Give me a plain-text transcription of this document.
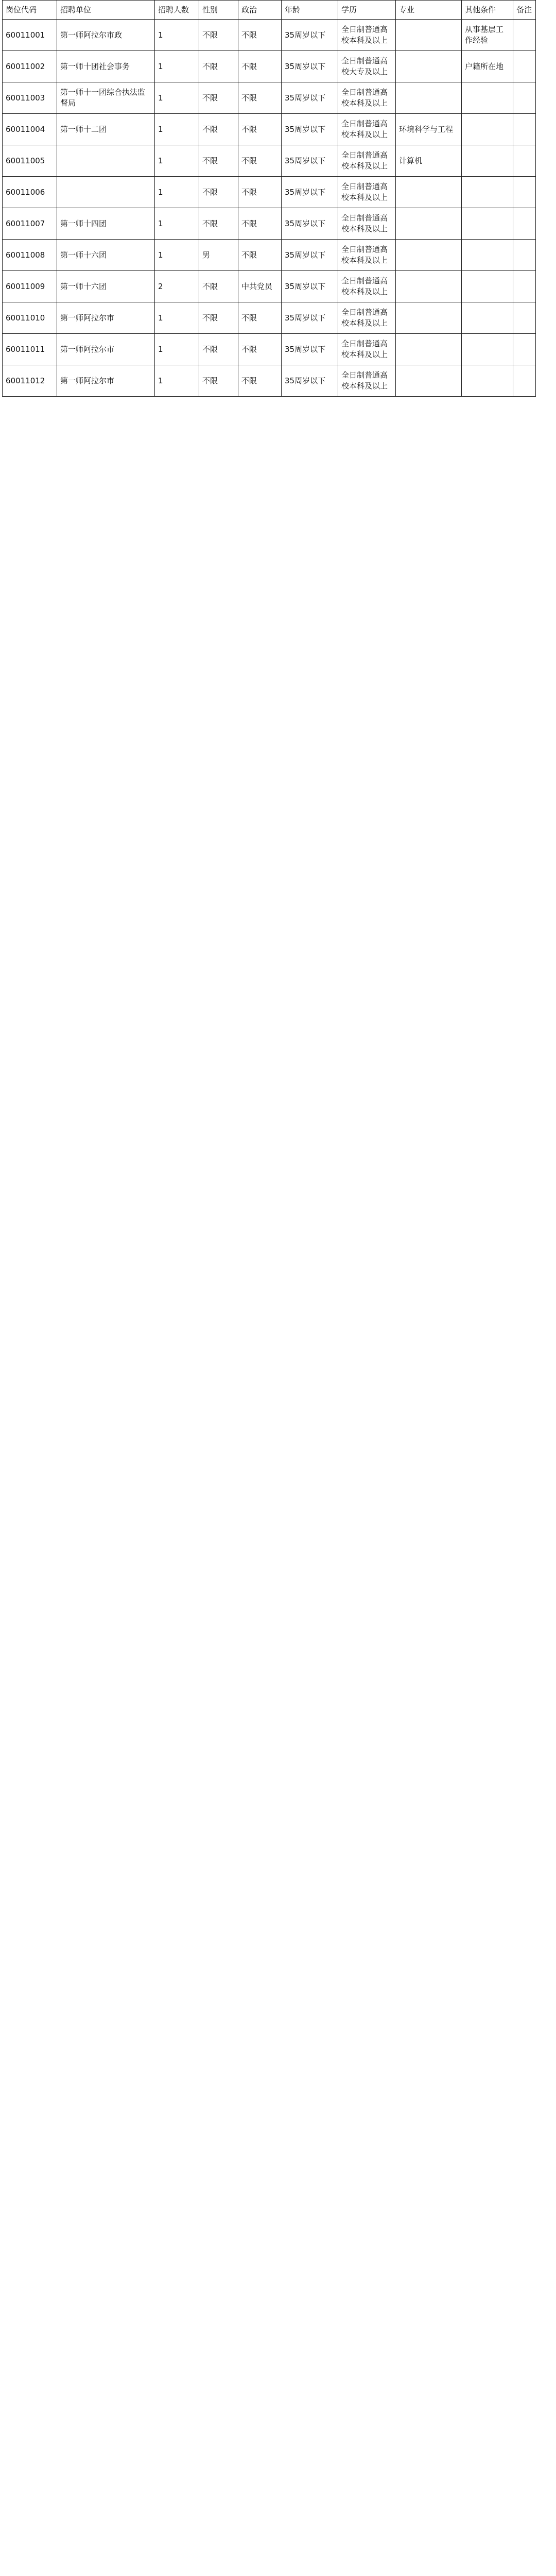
岗位代码	招聘单位	招聘人数	性别	政治	年龄	学历	专业	其他条件	备注
60011001	第一师阿拉尔市政	1	不限	不限	35周岁以下	全日制普通高校本科及以上		从事基层工作经验	
60011002	第一师十团社会事务	1	不限	不限	35周岁以下	全日制普通高校大专及以上		户籍所在地	
60011003	第一师十一团综合执法监督局	1	不限	不限	35周岁以下	全日制普通高校本科及以上			
60011004	第一师十二团	1	不限	不限	35周岁以下	全日制普通高校本科及以上	环境科学与工程		
60011005		1	不限	不限	35周岁以下	全日制普通高校本科及以上	计算机		
60011006		1	不限	不限	35周岁以下	全日制普通高校本科及以上			
60011007	第一师十四团	1	不限	不限	35周岁以下	全日制普通高校本科及以上			
60011008	第一师十六团	1	男	不限	35周岁以下	全日制普通高校本科及以上			
60011009	第一师十六团	2	不限	中共党员	35周岁以下	全日制普通高校本科及以上			
60011010	第一师阿拉尔市	1	不限	不限	35周岁以下	全日制普通高校本科及以上			
60011011	第一师阿拉尔市	1	不限	不限	35周岁以下	全日制普通高校本科及以上			
60011012	第一师阿拉尔市	1	不限	不限	35周岁以下	全日制普通高校本科及以上			
